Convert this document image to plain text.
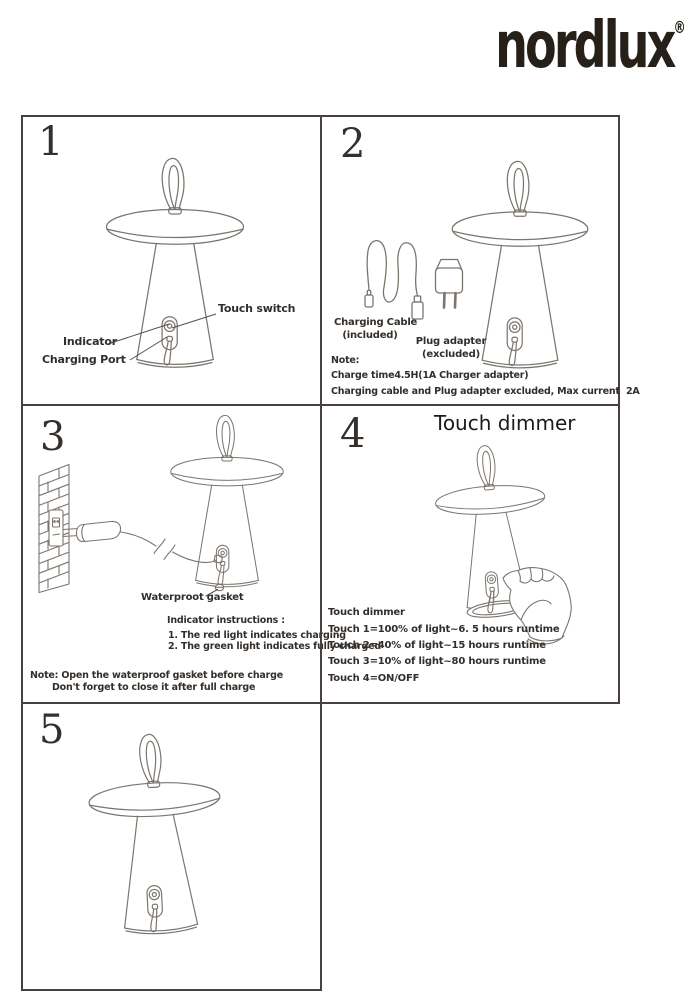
nordlux®
1
Touch switch
Indicator
Charging Port
2
Charging Cable
(included)
Plug adapter
(excluded)
Note:
Charge time4.5H(1A Charger adapter)
Charging cable and Plug adapter excluded, Max current  2A
3
Waterproot gasket
Indicator instructions :
1. The red light indicates charging
2. The green light indicates fully charged
Note: Open the waterproof gasket before charge
Don't forget to close it after full charge
4	Touch dimmer
Touch dimmer
Touch 1=100% of light~6. 5 hours runtime
Touch 2=40% of light~15 hours runtime
Touch 3=10% of light~80 hours runtime
Touch 4=ON/OFF
5
